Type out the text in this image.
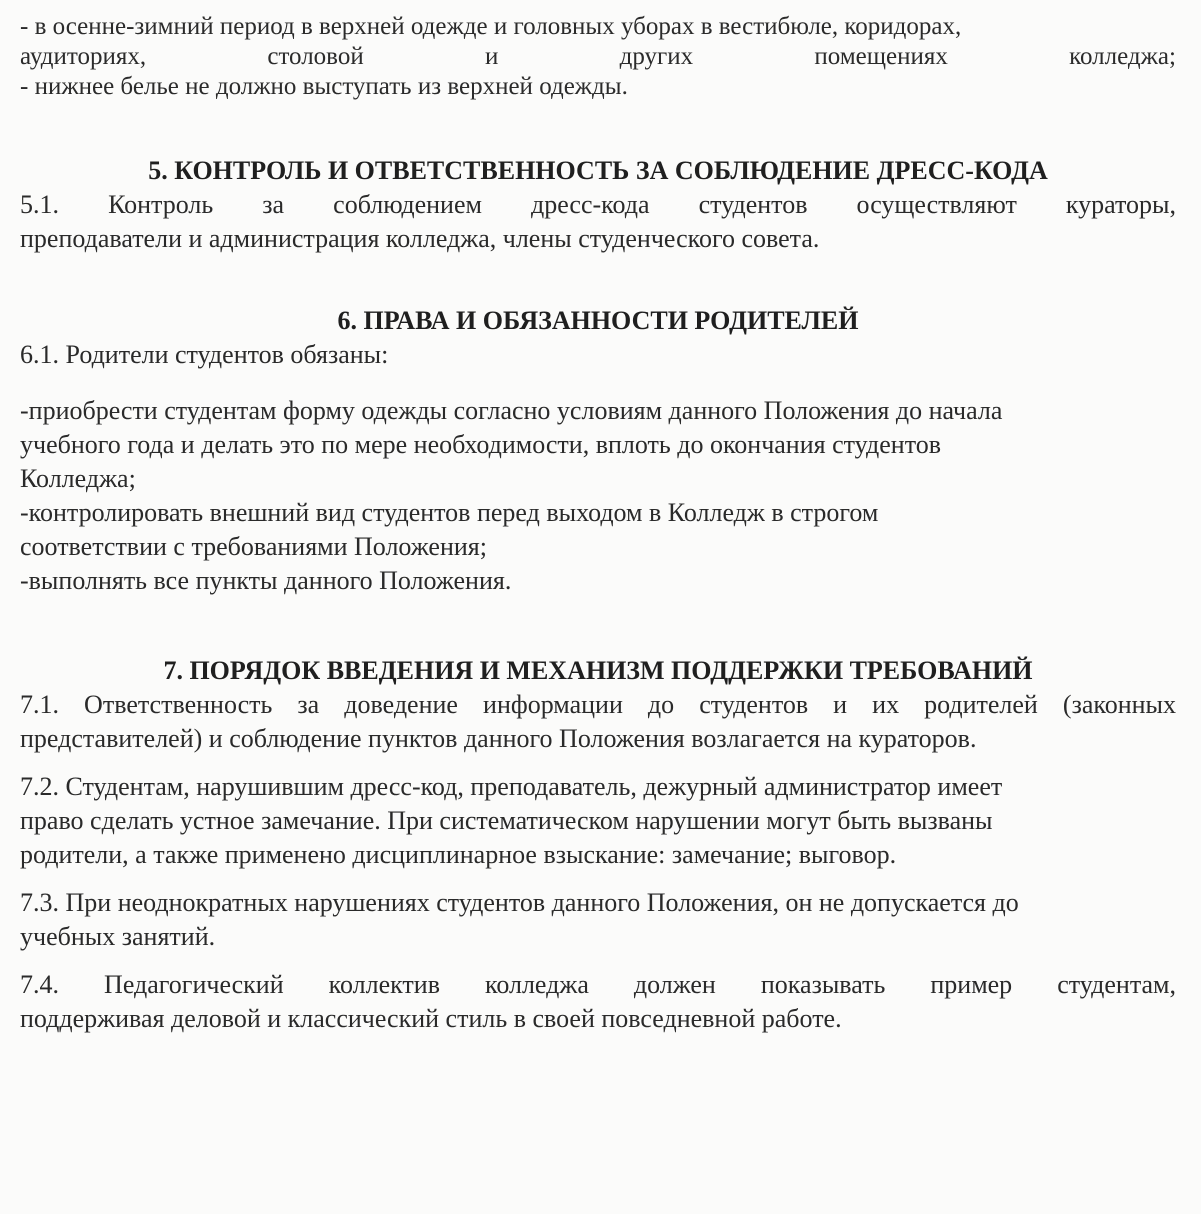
- в осенне-зимний период в верхней одежде и головных уборах в вестибюле, коридорах,

аудиториях,	столовой	и	других	помещениях	колледжа;

- нижнее белье не должно выступать из верхней одежды.

5. КОНТРОЛЬ И ОТВЕТСТВЕННОСТЬ ЗА СОБЛЮДЕНИЕ ДРЕСС-КОДА

5.1. Контроль за соблюдением дресс-кода студентов осуществляют кураторы,

преподаватели и администрация колледжа, члены студенческого совета.

6. ПРАВА И ОБЯЗАННОСТИ РОДИТЕЛЕЙ

6.1. Родители студентов обязаны:

-приобрести студентам форму одежды согласно условиям данного Положения до начала

учебного года и делать это по мере необходимости, вплоть до окончания студентов

Колледжа;

-контролировать внешний вид студентов перед выходом в Колледж в строгом

соответствии с требованиями Положения;

-выполнять все пункты данного Положения.

7. ПОРЯДОК ВВЕДЕНИЯ И МЕХАНИЗМ ПОДДЕРЖКИ ТРЕБОВАНИЙ

7.1. Ответственность за доведение информации до студентов и их родителей (законных

представителей) и соблюдение пунктов данного Положения возлагается на кураторов.

7.2. Студентам, нарушившим дресс-код, преподаватель, дежурный администратор имеет

право сделать устное замечание. При систематическом нарушении могут быть вызваны

родители, а также применено дисциплинарное взыскание: замечание; выговор.

7.3. При неоднократных нарушениях студентов данного Положения, он не допускается до

учебных занятий.

7.4. Педагогический коллектив колледжа должен показывать пример студентам,

поддерживая деловой и классический стиль в своей повседневной работе.
